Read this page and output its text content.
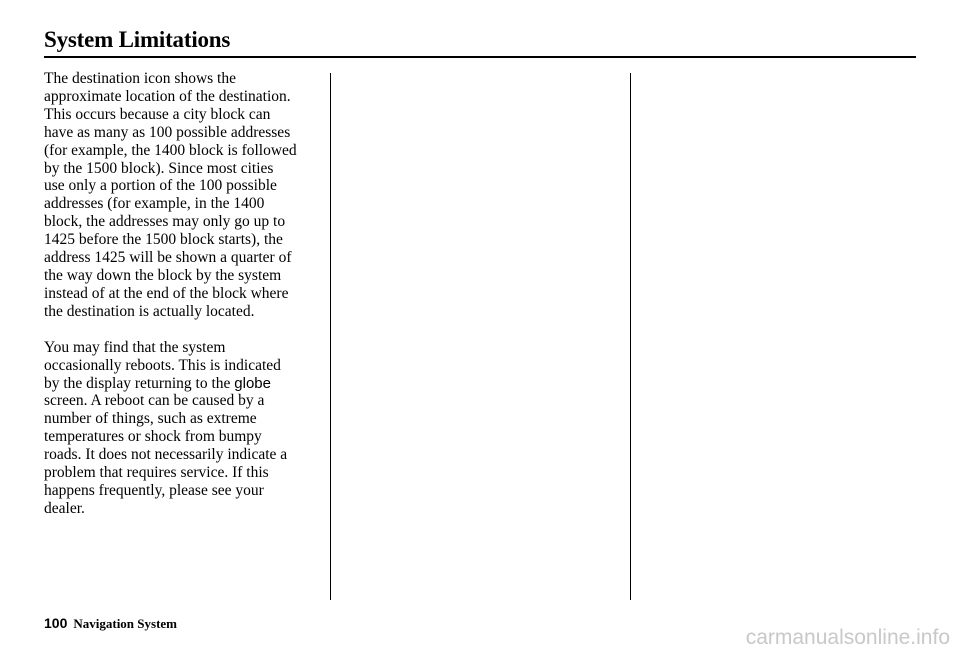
System Limitations

The destination icon shows the
approximate location of the destination.
This occurs because a city block can
have as many as 100 possible addresses
(for example, the 1400 block is followed
by the 1500 block). Since most cities
use only a portion of the 100 possible
addresses (for example, in the 1400
block, the addresses may only go up to
1425 before the 1500 block starts), the
address 1425 will be shown a quarter of
the way down the block by the system
instead of at the end of the block where
the destination is actually located.

You may find that the system
occasionally reboots. This is indicated
by the display returning to the globe
screen. A reboot can be caused by a
number of things, such as extreme
temperatures or shock from bumpy
roads. It does not necessarily indicate a
problem that requires service. If this
happens frequently, please see your
dealer.

100 Navigation System
carmanualsonline.info
